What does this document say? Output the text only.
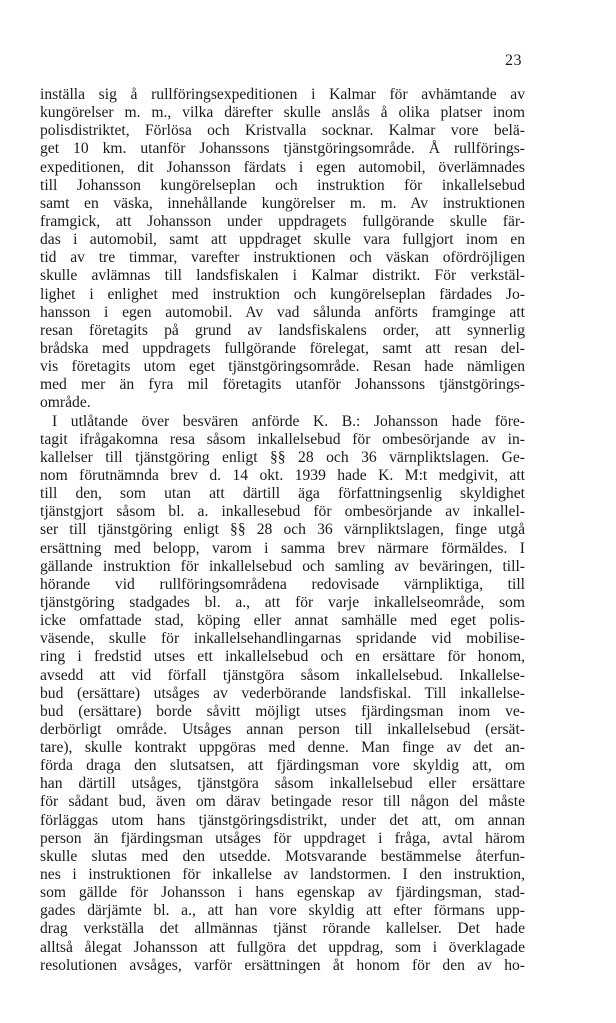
23
inställa sig å rullföringsexpeditionen i Kalmar för avhämtande av
kungörelser m. m., vilka därefter skulle anslås å olika platser inom
polisdistriktet, Förlösa och Kristvalla socknar. Kalmar vore belä-
get 10 km. utanför Johanssons tjänstgöringsområde. Å rullförings-
expeditionen, dit Johansson färdats i egen automobil, överlämnades
till Johansson kungörelseplan och instruktion för inkallelsebud
samt en väska, innehållande kungörelser m. m. Av instruktionen
framgick, att Johansson under uppdragets fullgörande skulle fär-
das i automobil, samt att uppdraget skulle vara fullgjort inom en
tid av tre timmar, varefter instruktionen och väskan ofördröjligen
skulle avlämnas till landsfiskalen i Kalmar distrikt. För verkstäl-
lighet i enlighet med instruktion och kungörelseplan färdades Jo-
hansson i egen automobil. Av vad sålunda anförts framginge att
resan företagits på grund av landsfiskalens order, att synnerlig
brådska med uppdragets fullgörande förelegat, samt att resan del-
vis företagits utom eget tjänstgöringsområde. Resan hade nämligen
med mer än fyra mil företagits utanför Johanssons tjänstgörings-
område.
I utlåtande över besvären anförde K. B.: Johansson hade före-
tagit ifrågakomna resa såsom inkallelsebud för ombesörjande av in-
kallelser till tjänstgöring enligt §§ 28 och 36 värnpliktslagen. Ge-
nom förutnämnda brev d. 14 okt. 1939 hade K. M:t medgivit, att
till den, som utan att därtill äga författningsenlig skyldighet
tjänstgjort såsom bl. a. inkallesebud för ombesörjande av inkallel-
ser till tjänstgöring enligt §§ 28 och 36 värnpliktslagen, finge utgå
ersättning med belopp, varom i samma brev närmare förmäldes. I
gällande instruktion för inkallelsebud och samling av beväringen, till-
hörande vid rullföringsområdena redovisade värnpliktiga, till
tjänstgöring stadgades bl. a., att för varje inkallelseområde, som
icke omfattade stad, köping eller annat samhälle med eget polis-
väsende, skulle för inkallelsehandlingarnas spridande vid mobilise-
ring i fredstid utses ett inkallelsebud och en ersättare för honom,
avsedd att vid förfall tjänstgöra såsom inkallelsebud. Inkallelse-
bud (ersättare) utsåges av vederbörande landsfiskal. Till inkallelse-
bud (ersättare) borde såvitt möjligt utses fjärdingsman inom ve-
derbörligt område. Utsåges annan person till inkallelsebud (ersät-
tare), skulle kontrakt uppgöras med denne. Man finge av det an-
förda draga den slutsatsen, att fjärdingsman vore skyldig att, om
han därtill utsåges, tjänstgöra såsom inkallelsebud eller ersättare
för sådant bud, även om därav betingade resor till någon del måste
förläggas utom hans tjänstgöringsdistrikt, under det att, om annan
person än fjärdingsman utsåges för uppdraget i fråga, avtal härom
skulle slutas med den utsedde. Motsvarande bestämmelse återfun-
nes i instruktionen för inkallelse av landstormen. I den instruktion,
som gällde för Johansson i hans egenskap av fjärdingsman, stad-
gades därjämte bl. a., att han vore skyldig att efter förmans upp-
drag verkställa det allmännas tjänst rörande kallelser. Det hade
alltså ålegat Johansson att fullgöra det uppdrag, som i överklagade
resolutionen avsåges, varför ersättningen åt honom för den av ho-
